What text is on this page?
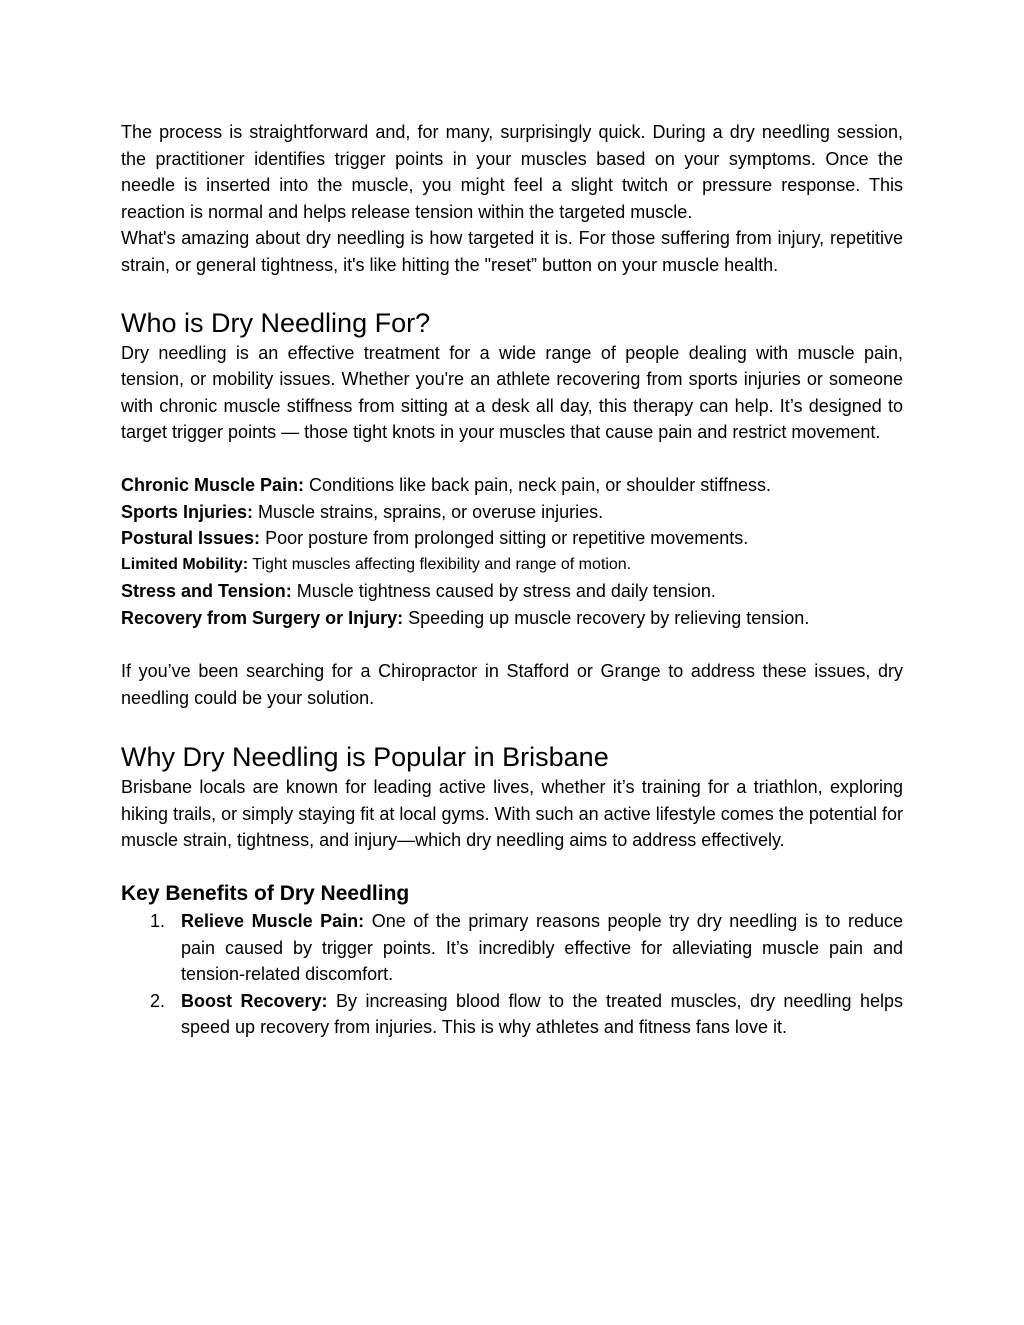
The process is straightforward and, for many, surprisingly quick. During a dry needling session, the practitioner identifies trigger points in your muscles based on your symptoms. Once the needle is inserted into the muscle, you might feel a slight twitch or pressure response. This reaction is normal and helps release tension within the targeted muscle.

What's amazing about dry needling is how targeted it is. For those suffering from injury, repetitive strain, or general tightness, it's like hitting the "reset” button on your muscle health.

Who is Dry Needling For?

Dry needling is an effective treatment for a wide range of people dealing with muscle pain, tension, or mobility issues. Whether you're an athlete recovering from sports injuries or someone with chronic muscle stiffness from sitting at a desk all day, this therapy can help. It’s designed to target trigger points — those tight knots in your muscles that cause pain and restrict movement.

Chronic Muscle Pain: Conditions like back pain, neck pain, or shoulder stiffness.

Sports Injuries: Muscle strains, sprains, or overuse injuries.

Postural Issues: Poor posture from prolonged sitting or repetitive movements.

Limited Mobility: Tight muscles affecting flexibility and range of motion.

Stress and Tension: Muscle tightness caused by stress and daily tension.

Recovery from Surgery or Injury: Speeding up muscle recovery by relieving tension.

If you’ve been searching for a Chiropractor in Stafford or Grange to address these issues, dry needling could be your solution.

Why Dry Needling is Popular in Brisbane

Brisbane locals are known for leading active lives, whether it’s training for a triathlon, exploring hiking trails, or simply staying fit at local gyms. With such an active lifestyle comes the potential for muscle strain, tightness, and injury—which dry needling aims to address effectively.

Key Benefits of Dry Needling
1. Relieve Muscle Pain: One of the primary reasons people try dry needling is to reduce pain caused by trigger points. It’s incredibly effective for alleviating muscle pain and tension-related discomfort.
2. Boost Recovery: By increasing blood flow to the treated muscles, dry needling helps speed up recovery from injuries. This is why athletes and fitness fans love it.
